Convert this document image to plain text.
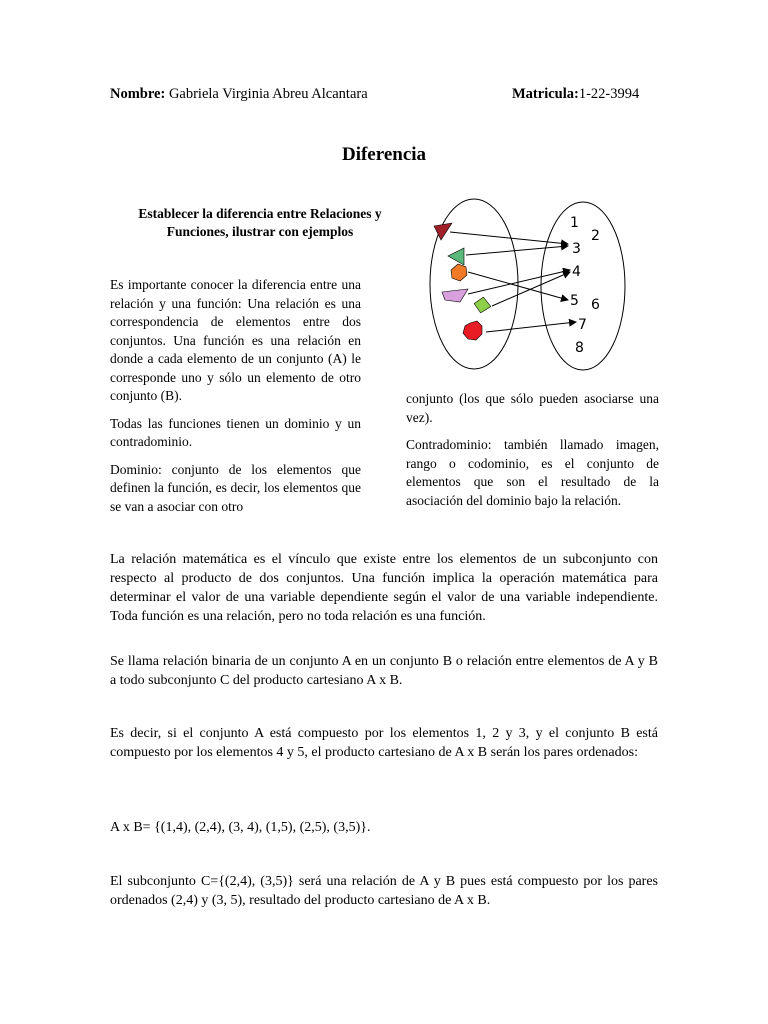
Nombre: Gabriela Virginia Abreu Alcantara	Matricula:1-22-3994
Diferencia
Establecer la diferencia entre Relaciones y Funciones, ilustrar con ejemplos

Es importante conocer la diferencia entre una relación y una función: Una relación es una correspondencia de elementos entre dos conjuntos. Una función es una relación en donde a cada elemento de un conjunto (A) le corresponde uno y sólo un elemento de otro conjunto (B).

Todas las funciones tienen un dominio y un contradominio.

Dominio: conjunto de los elementos que definen la función, es decir, los elementos que se van a asociar con otro

conjunto (los que sólo pueden asociarse una vez).

Contradominio: también llamado imagen, rango o codominio, es el conjunto de elementos que son el resultado de la asociación del dominio bajo la relación.

1
2
3
4
5 6
7
8

La relación matemática es el vínculo que existe entre los elementos de un subconjunto con respecto al producto de dos conjuntos. Una función implica la operación matemática para determinar el valor de una variable dependiente según el valor de una variable independiente. Toda función es una relación, pero no toda relación es una función.

Se llama relación binaria de un conjunto A en un conjunto B o relación entre elementos de A y B a todo subconjunto C del producto cartesiano A x B.

Es decir, si el conjunto A está compuesto por los elementos 1, 2 y 3, y el conjunto B está compuesto por los elementos 4 y 5, el producto cartesiano de A x B serán los pares ordenados:

A x B= {(1,4), (2,4), (3, 4), (1,5), (2,5), (3,5)}.

El subconjunto C={(2,4), (3,5)} será una relación de A y B pues está compuesto por los pares ordenados (2,4) y (3, 5), resultado del producto cartesiano de A x B.
